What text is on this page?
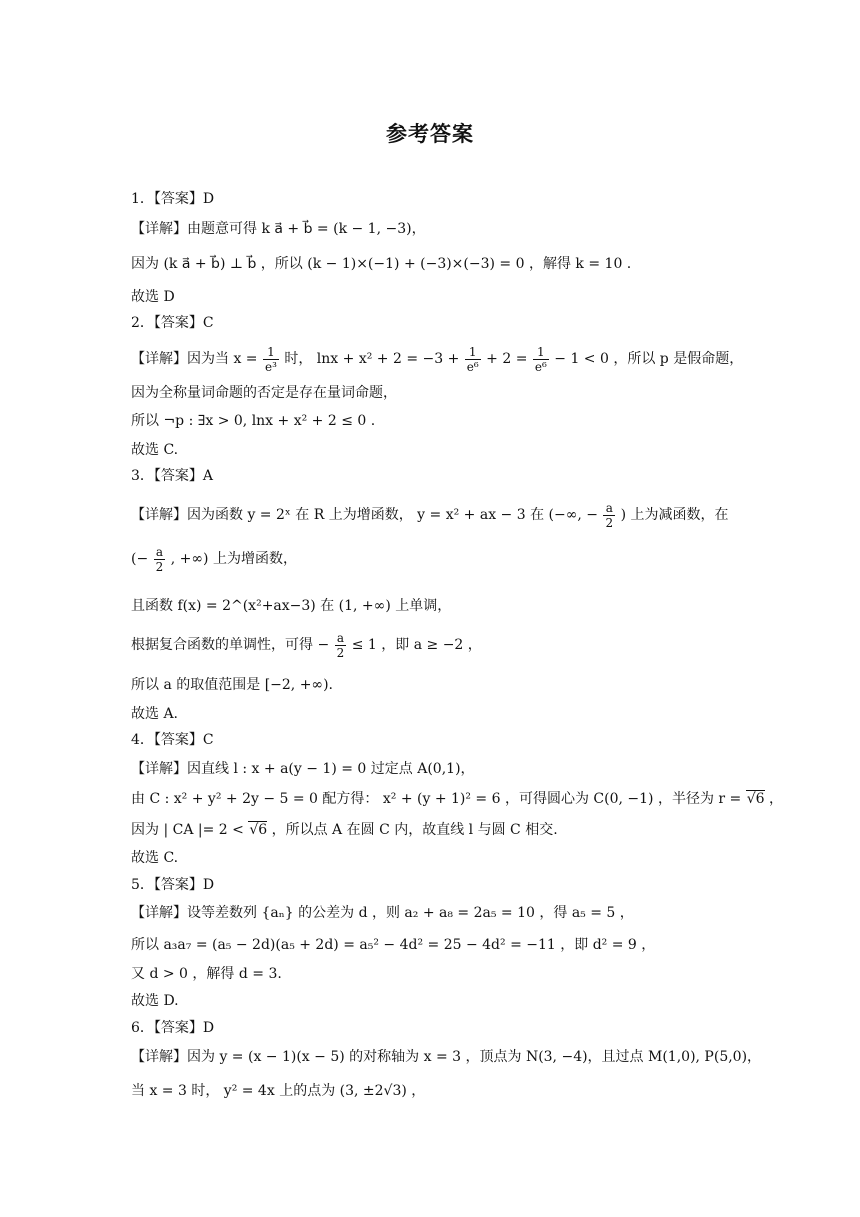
参考答案
1．【答案】D
【详解】由题意可得 k a⃗ + b⃗ = (k − 1, −3)，
因为 (k a⃗ + b⃗) ⊥ b⃗ ，所以 (k − 1)×(−1) + (−3)×(−3) = 0 ，解得 k = 10 .
故选 D
2．【答案】C
【详解】因为当 $x = \frac{1}{\text{e³}}$ 时， $\ln x + x^2 + 2 = -3 + \frac{1}{\text{e⁶}} + 2 = \frac{1}{\text{e⁶}} - 1 < 0$ ，所以 p 是假命题，
因为全称量词命题的否定是存在量词命题，
所以 ¬p : ∃x > 0, lnx + x² + 2 ≤ 0 .
故选 C.
3．【答案】A
【详解】因为函数 y = 2ˣ 在 R 上为增函数， y = x² + ax − 3 在 (−∞, − $\frac{a}{2}$ ) 上为减函数，在
(− $\frac{a}{2}$ , +∞) 上为增函数，
且函数 f(x) = 2^(x²+ax−3) 在 (1, +∞) 上单调，
根据复合函数的单调性，可得 − $\frac{a}{2} \le 1$ ，即 a ≥ −2 ，
所以 a 的取值范围是 [−2, +∞).
故选 A.
4．【答案】C
【详解】因直线 l : x + a(y − 1) = 0 过定点 A(0,1)，
由 C : x² + y² + 2y − 5 = 0 配方得： x² + (y + 1)² = 6 ，可得圆心为 C(0, −1) ，半径为 r = √6 ，
因为 | CA |= 2 < √6 ，所以点 A 在圆 C 内，故直线 l 与圆 C 相交.
故选 C.
5．【答案】D
【详解】设等差数列 {aₙ} 的公差为 d ，则 a₂ + a₈ = 2a₅ = 10 ，得 a₅ = 5 ，
所以 a₃a₇ = (a₅ − 2d)(a₅ + 2d) = a₅² − 4d² = 25 − 4d² = −11 ，即 d² = 9 ，
又 d > 0 ，解得 d = 3.
故选 D.
6．【答案】D
【详解】因为 y = (x − 1)(x − 5) 的对称轴为 x = 3 ，顶点为 N(3, −4)，且过点 M(1,0), P(5,0)，
当 x = 3 时， y² = 4x 上的点为 (3, ±2√3) ，
